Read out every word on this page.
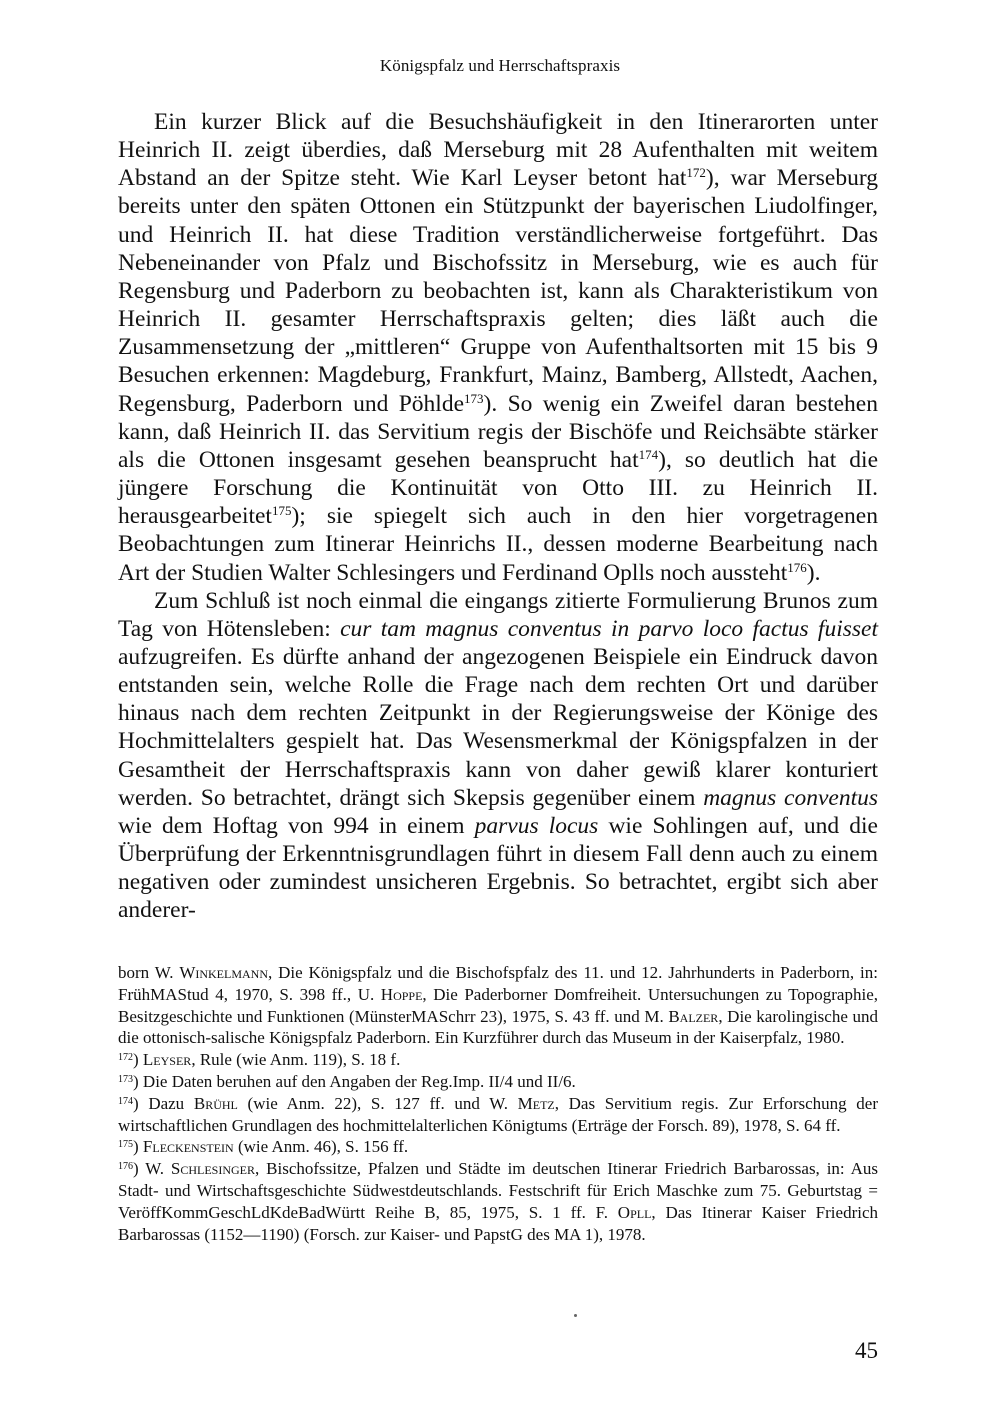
Königspfalz und Herrschaftspraxis

Ein kurzer Blick auf die Besuchshäufigkeit in den Itinerarorten unter Heinrich II. zeigt überdies, daß Merseburg mit 28 Aufenthalten mit weitem Abstand an der Spitze steht. Wie Karl Leyser betont hat$^{172}$), war Merseburg bereits unter den späten Ottonen ein Stützpunkt der bayerischen Liudolfinger, und Heinrich II. hat diese Tradition verständlicherweise fortgeführt. Das Nebeneinander von Pfalz und Bischofssitz in Merseburg, wie es auch für Regensburg und Paderborn zu beobachten ist, kann als Charakteristikum von Heinrich II. gesamter Herrschaftspraxis gelten; dies läßt auch die Zusammensetzung der „mittleren“ Gruppe von Aufenthaltsorten mit 15 bis 9 Besuchen erkennen: Magdeburg, Frankfurt, Mainz, Bamberg, Allstedt, Aachen, Regensburg, Paderborn und Pöhlde$^{173}$). So wenig ein Zweifel daran bestehen kann, daß Heinrich II. das Servitium regis der Bischöfe und Reichsäbte stärker als die Ottonen insgesamt gesehen beansprucht hat$^{174}$), so deutlich hat die jüngere Forschung die Kontinuität von Otto III. zu Heinrich II. herausgearbeitet$^{175}$); sie spiegelt sich auch in den hier vorgetragenen Beobachtungen zum Itinerar Heinrichs II., dessen moderne Bearbeitung nach Art der Studien Walter Schlesingers und Ferdinand Oplls noch aussteht$^{176}$).

Zum Schluß ist noch einmal die eingangs zitierte Formulierung Brunos zum Tag von Hötensleben: cur tam magnus conventus in parvo loco factus fuisset aufzugreifen. Es dürfte anhand der angezogenen Beispiele ein Eindruck davon entstanden sein, welche Rolle die Frage nach dem rechten Ort und darüber hinaus nach dem rechten Zeitpunkt in der Regierungsweise der Könige des Hochmittelalters gespielt hat. Das Wesensmerkmal der Königspfalzen in der Gesamtheit der Herrschaftspraxis kann von daher gewiß klarer konturiert werden. So betrachtet, drängt sich Skepsis gegenüber einem magnus conventus wie dem Hoftag von 994 in einem parvus locus wie Sohlingen auf, und die Überprüfung der Erkenntnisgrundlagen führt in diesem Fall denn auch zu einem negativen oder zumindest unsicheren Ergebnis. So betrachtet, ergibt sich aber anderer-

born W. Winkelmann, Die Königspfalz und die Bischofspfalz des 11. und 12. Jahrhunderts in Paderborn, in: FrühMAStud 4, 1970, S. 398 ff., U. Hoppe, Die Paderborner Domfreiheit. Untersuchungen zu Topographie, Besitzgeschichte und Funktionen (MünsterMASchrr 23), 1975, S. 43 ff. und M. Balzer, Die karolingische und die ottonisch-salische Königspfalz Paderborn. Ein Kurzführer durch das Museum in der Kaiserpfalz, 1980.

$^{172}$) Leyser, Rule (wie Anm. 119), S. 18 f.

$^{173}$) Die Daten beruhen auf den Angaben der Reg.Imp. II/4 und II/6.

$^{174}$) Dazu Brühl (wie Anm. 22), S. 127 ff. und W. Metz, Das Servitium regis. Zur Erforschung der wirtschaftlichen Grundlagen des hochmittelalterlichen Königtums (Erträge der Forsch. 89), 1978, S. 64 ff.

$^{175}$) Fleckenstein (wie Anm. 46), S. 156 ff.

$^{176}$) W. Schlesinger, Bischofssitze, Pfalzen und Städte im deutschen Itinerar Friedrich Barbarossas, in: Aus Stadt- und Wirtschaftsgeschichte Südwestdeutschlands. Festschrift für Erich Maschke zum 75. Geburtstag = VeröffKommGeschLdKdeBadWürtt Reihe B, 85, 1975, S. 1 ff. F. Opll, Das Itinerar Kaiser Friedrich Barbarossas (1152—1190) (Forsch. zur Kaiser- und PapstG des MA 1), 1978.

45
